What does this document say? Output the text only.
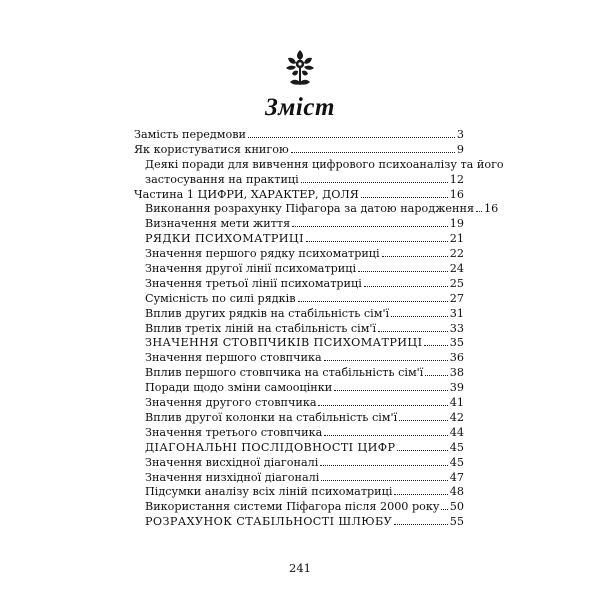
Зміст
Замість передмови	3
Як користуватися книгою	9
Деякі поради для вивчення цифрового психоаналізу та його
застосування на практиці	12
Частина 1 ЦИФРИ, ХАРАКТЕР, ДОЛЯ	16
Виконання розрахунку Піфагора за датою народження 16
Визначення мети життя	19
РЯДКИ ПСИХОМАТРИЦІ	21
Значення першого рядку психоматриці	22
Значення другої лінії психоматриці	24
Значення третьої лінії психоматриці	25
Сумісність по силі рядків	27
Вплив других рядків на стабільність сім'ї	31
Вплив третіх ліній на стабільність сім'ї	33
ЗНАЧЕННЯ СТОВПЧИКІВ ПСИХОМАТРИЦІ 35
Значення першого стовпчика	36
Вплив першого стовпчика на стабільність сім'ї 38
Поради щодо зміни самооцінки	39
Значення другого стовпчика	41
Вплив другої колонки на стабільність сім'ї	42
Значення третього стовпчика	44
ДІАГОНАЛЬНІ ПОСЛІДОВНОСТІ ЦИФР	45
Значення висхідної діагоналі	45
Значення низхідної діагоналі	47
Підсумки аналізу всіх ліній психоматриці	48
Використання системи Піфагора після 2000 року 50
РОЗРАХУНОК СТАБІЛЬНОСТІ ШЛЮБУ	55
241
